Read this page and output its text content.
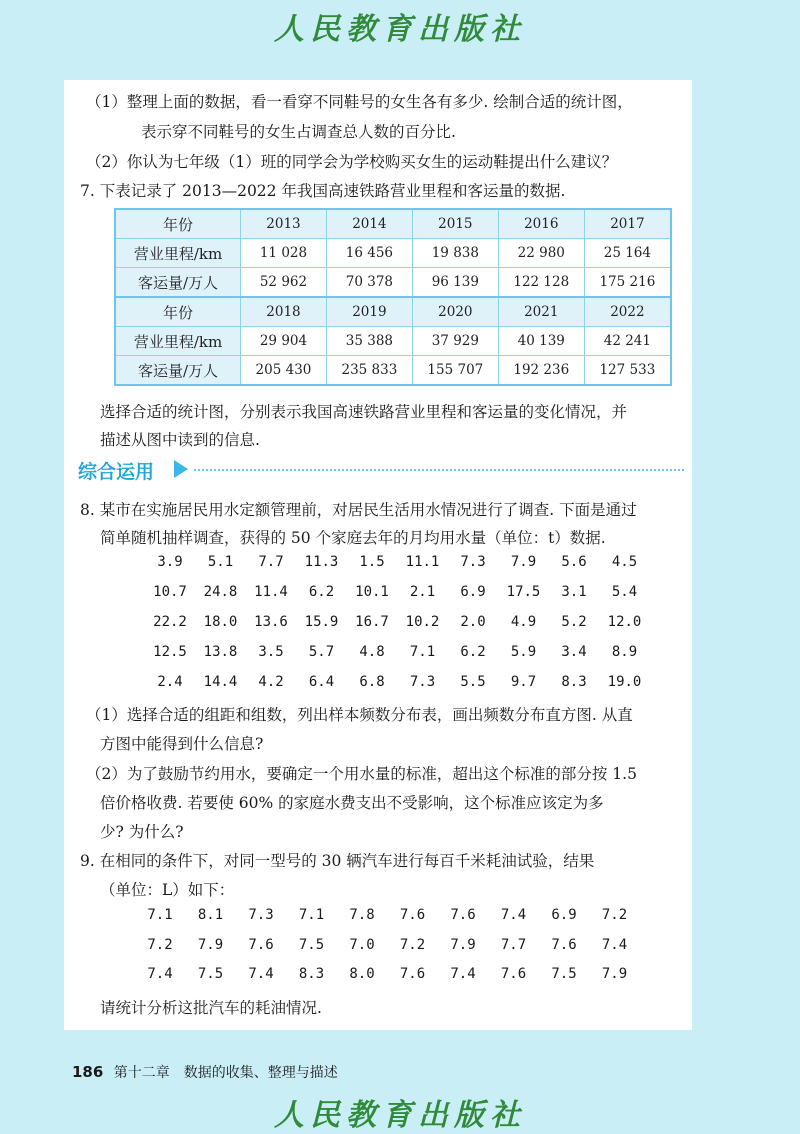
人民教育出版社
（1）整理上面的数据，看一看穿不同鞋号的女生各有多少. 绘制合适的统计图，
表示穿不同鞋号的女生占调查总人数的百分比.
（2）你认为七年级（1）班的同学会为学校购买女生的运动鞋提出什么建议？
7. 下表记录了 2013—2022 年我国高速铁路营业里程和客运量的数据.
年份	2013	2014	2015	2016	2017
营业里程/km	11 028	16 456	19 838	22 980	25 164
客运量/万人	52 962	70 378	96 139	122 128	175 216
年份	2018	2019	2020	2021	2022
营业里程/km	29 904	35 388	37 929	40 139	42 241
客运量/万人	205 430	235 833	155 707	192 236	127 533
选择合适的统计图，分别表示我国高速铁路营业里程和客运量的变化情况，并
描述从图中读到的信息.
综合运用
8. 某市在实施居民用水定额管理前，对居民生活用水情况进行了调查. 下面是通过
简单随机抽样调查，获得的 50 个家庭去年的月均用水量（单位：t）数据.
3.9	5.1	7.7	11.3	1.5	11.1	7.3	7.9	5.6	4.5
10.7	24.8	11.4	6.2	10.1	2.1	6.9	17.5	3.1	5.4
22.2	18.0	13.6	15.9	16.7	10.2	2.0	4.9	5.2	12.0
12.5	13.8	3.5	5.7	4.8	7.1	6.2	5.9	3.4	8.9
2.4	14.4	4.2	6.4	6.8	7.3	5.5	9.7	8.3	19.0
（1）选择合适的组距和组数，列出样本频数分布表，画出频数分布直方图. 从直
方图中能得到什么信息?
（2）为了鼓励节约用水，要确定一个用水量的标准，超出这个标准的部分按 1.5
倍价格收费. 若要使 60% 的家庭水费支出不受影响，这个标准应该定为多
少? 为什么?
9. 在相同的条件下，对同一型号的 30 辆汽车进行每百千米耗油试验，结果
（单位：L）如下：
7.1	8.1	7.3	7.1	7.8	7.6	7.6	7.4	6.9	7.2
7.2	7.9	7.6	7.5	7.0	7.2	7.9	7.7	7.6	7.4
7.4	7.5	7.4	8.3	8.0	7.6	7.4	7.6	7.5	7.9
请统计分析这批汽车的耗油情况.
186 第十二章　数据的收集、整理与描述
人民教育出版社
